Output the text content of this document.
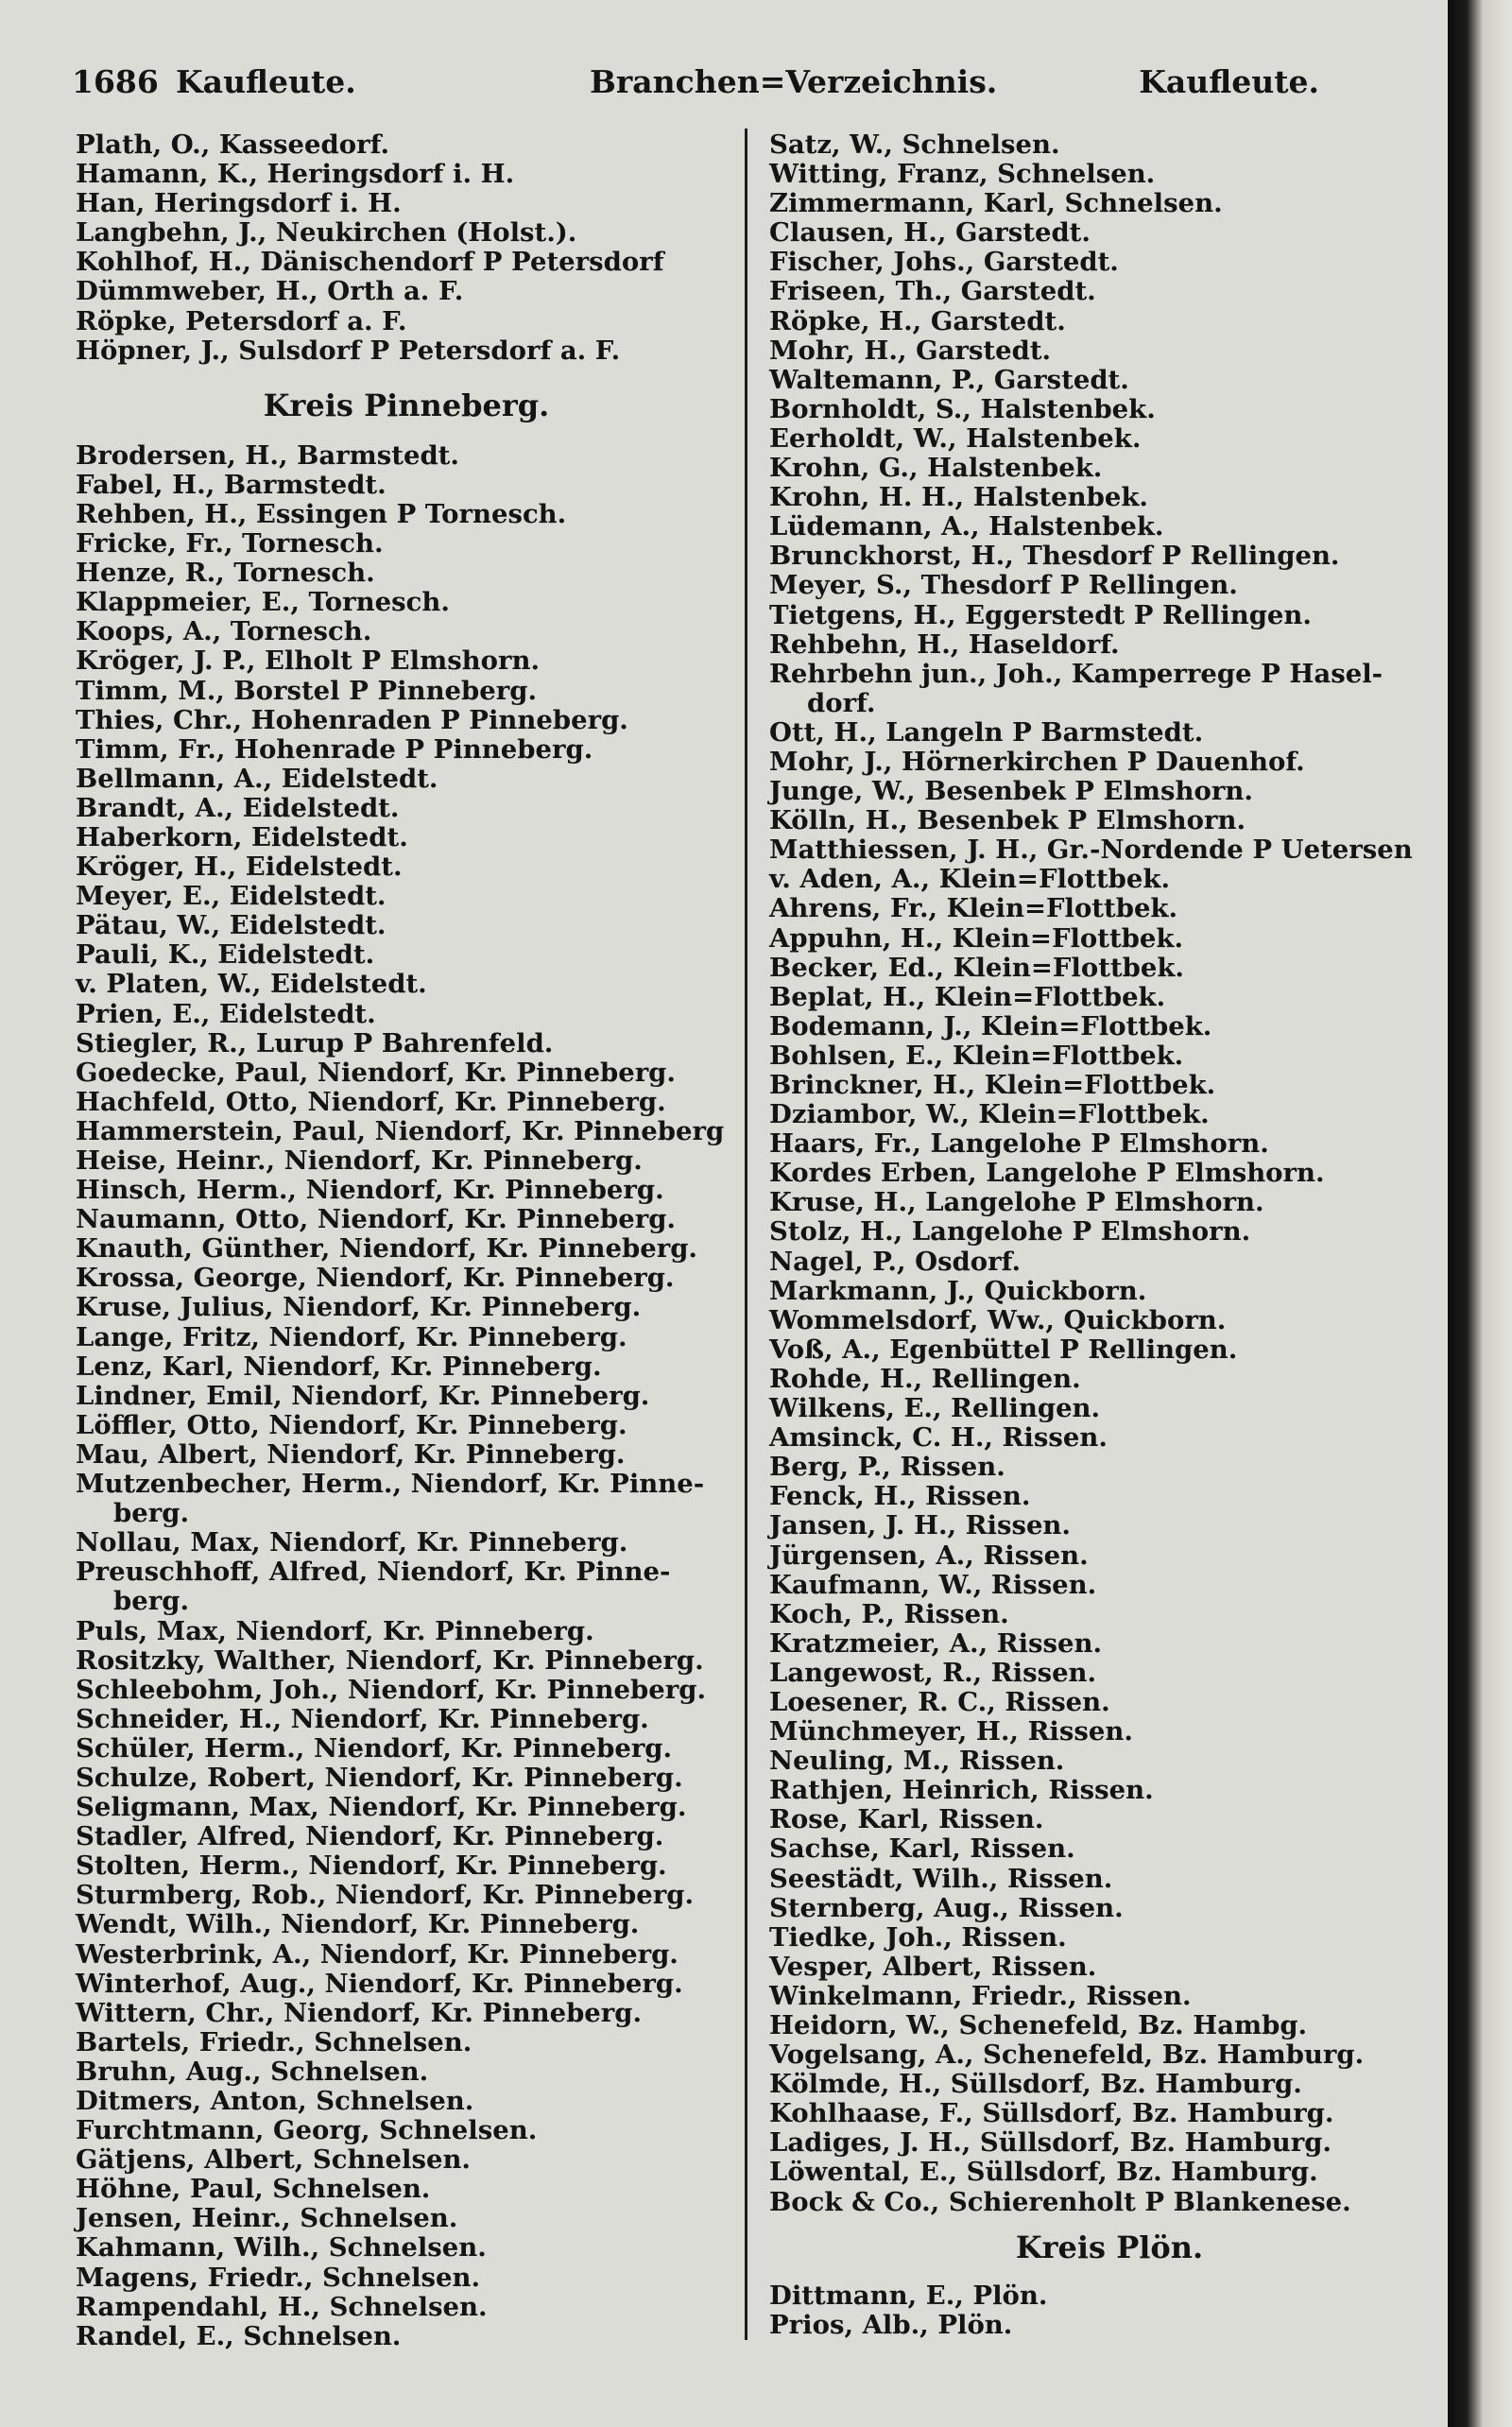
1686 Kaufleute.	Branchen=Verzeichnis.	Kaufleute.
Plath, O., Kasseedorf.
Hamann, K., Heringsdorf i. H.
Han, Heringsdorf i. H.
Langbehn, J., Neukirchen (Holst.).
Kohlhof, H., Dänischendorf P Petersdorf
Dümmweber, H., Orth a. F.
Röpke, Petersdorf a. F.
Höpner, J., Sulsdorf P Petersdorf a. F.
Kreis Pinneberg.
Brodersen, H., Barmstedt.
Fabel, H., Barmstedt.
Rehben, H., Essingen P Tornesch.
Fricke, Fr., Tornesch.
Henze, R., Tornesch.
Klappmeier, E., Tornesch.
Koops, A., Tornesch.
Kröger, J. P., Elholt P Elmshorn.
Timm, M., Borstel P Pinneberg.
Thies, Chr., Hohenraden P Pinneberg.
Timm, Fr., Hohenrade P Pinneberg.
Bellmann, A., Eidelstedt.
Brandt, A., Eidelstedt.
Haberkorn, Eidelstedt.
Kröger, H., Eidelstedt.
Meyer, E., Eidelstedt.
Pätau, W., Eidelstedt.
Pauli, K., Eidelstedt.
v. Platen, W., Eidelstedt.
Prien, E., Eidelstedt.
Stiegler, R., Lurup P Bahrenfeld.
Goedecke, Paul, Niendorf, Kr. Pinneberg.
Hachfeld, Otto, Niendorf, Kr. Pinneberg.
Hammerstein, Paul, Niendorf, Kr. Pinneberg
Heise, Heinr., Niendorf, Kr. Pinneberg.
Hinsch, Herm., Niendorf, Kr. Pinneberg.
Naumann, Otto, Niendorf, Kr. Pinneberg.
Knauth, Günther, Niendorf, Kr. Pinneberg.
Krossa, George, Niendorf, Kr. Pinneberg.
Kruse, Julius, Niendorf, Kr. Pinneberg.
Lange, Fritz, Niendorf, Kr. Pinneberg.
Lenz, Karl, Niendorf, Kr. Pinneberg.
Lindner, Emil, Niendorf, Kr. Pinneberg.
Löffler, Otto, Niendorf, Kr. Pinneberg.
Mau, Albert, Niendorf, Kr. Pinneberg.
Mutzenbecher, Herm., Niendorf, Kr. Pinne-
berg.
Nollau, Max, Niendorf, Kr. Pinneberg.
Preuschhoff, Alfred, Niendorf, Kr. Pinne-
berg.
Puls, Max, Niendorf, Kr. Pinneberg.
Rositzky, Walther, Niendorf, Kr. Pinneberg.
Schleebohm, Joh., Niendorf, Kr. Pinneberg.
Schneider, H., Niendorf, Kr. Pinneberg.
Schüler, Herm., Niendorf, Kr. Pinneberg.
Schulze, Robert, Niendorf, Kr. Pinneberg.
Seligmann, Max, Niendorf, Kr. Pinneberg.
Stadler, Alfred, Niendorf, Kr. Pinneberg.
Stolten, Herm., Niendorf, Kr. Pinneberg.
Sturmberg, Rob., Niendorf, Kr. Pinneberg.
Wendt, Wilh., Niendorf, Kr. Pinneberg.
Westerbrink, A., Niendorf, Kr. Pinneberg.
Winterhof, Aug., Niendorf, Kr. Pinneberg.
Wittern, Chr., Niendorf, Kr. Pinneberg.
Bartels, Friedr., Schnelsen.
Bruhn, Aug., Schnelsen.
Ditmers, Anton, Schnelsen.
Furchtmann, Georg, Schnelsen.
Gätjens, Albert, Schnelsen.
Höhne, Paul, Schnelsen.
Jensen, Heinr., Schnelsen.
Kahmann, Wilh., Schnelsen.
Magens, Friedr., Schnelsen.
Rampendahl, H., Schnelsen.
Randel, E., Schnelsen.
Satz, W., Schnelsen.
Witting, Franz, Schnelsen.
Zimmermann, Karl, Schnelsen.
Clausen, H., Garstedt.
Fischer, Johs., Garstedt.
Friseen, Th., Garstedt.
Röpke, H., Garstedt.
Mohr, H., Garstedt.
Waltemann, P., Garstedt.
Bornholdt, S., Halstenbek.
Eerholdt, W., Halstenbek.
Krohn, G., Halstenbek.
Krohn, H. H., Halstenbek.
Lüdemann, A., Halstenbek.
Brunckhorst, H., Thesdorf P Rellingen.
Meyer, S., Thesdorf P Rellingen.
Tietgens, H., Eggerstedt P Rellingen.
Rehbehn, H., Haseldorf.
Rehrbehn jun., Joh., Kamperrege P Hasel-
dorf.
Ott, H., Langeln P Barmstedt.
Mohr, J., Hörnerkirchen P Dauenhof.
Junge, W., Besenbek P Elmshorn.
Kölln, H., Besenbek P Elmshorn.
Matthiessen, J. H., Gr.-Nordende P Uetersen
v. Aden, A., Klein=Flottbek.
Ahrens, Fr., Klein=Flottbek.
Appuhn, H., Klein=Flottbek.
Becker, Ed., Klein=Flottbek.
Beplat, H., Klein=Flottbek.
Bodemann, J., Klein=Flottbek.
Bohlsen, E., Klein=Flottbek.
Brinckner, H., Klein=Flottbek.
Dziambor, W., Klein=Flottbek.
Haars, Fr., Langelohe P Elmshorn.
Kordes Erben, Langelohe P Elmshorn.
Kruse, H., Langelohe P Elmshorn.
Stolz, H., Langelohe P Elmshorn.
Nagel, P., Osdorf.
Markmann, J., Quickborn.
Wommelsdorf, Ww., Quickborn.
Voß, A., Egenbüttel P Rellingen.
Rohde, H., Rellingen.
Wilkens, E., Rellingen.
Amsinck, C. H., Rissen.
Berg, P., Rissen.
Fenck, H., Rissen.
Jansen, J. H., Rissen.
Jürgensen, A., Rissen.
Kaufmann, W., Rissen.
Koch, P., Rissen.
Kratzmeier, A., Rissen.
Langewost, R., Rissen.
Loesener, R. C., Rissen.
Münchmeyer, H., Rissen.
Neuling, M., Rissen.
Rathjen, Heinrich, Rissen.
Rose, Karl, Rissen.
Sachse, Karl, Rissen.
Seestädt, Wilh., Rissen.
Sternberg, Aug., Rissen.
Tiedke, Joh., Rissen.
Vesper, Albert, Rissen.
Winkelmann, Friedr., Rissen.
Heidorn, W., Schenefeld, Bz. Hambg.
Vogelsang, A., Schenefeld, Bz. Hamburg.
Kölmde, H., Süllsdorf, Bz. Hamburg.
Kohlhaase, F., Süllsdorf, Bz. Hamburg.
Ladiges, J. H., Süllsdorf, Bz. Hamburg.
Löwental, E., Süllsdorf, Bz. Hamburg.
Bock & Co., Schierenholt P Blankenese.
Kreis Plön.
Dittmann, E., Plön.
Prios, Alb., Plön.
